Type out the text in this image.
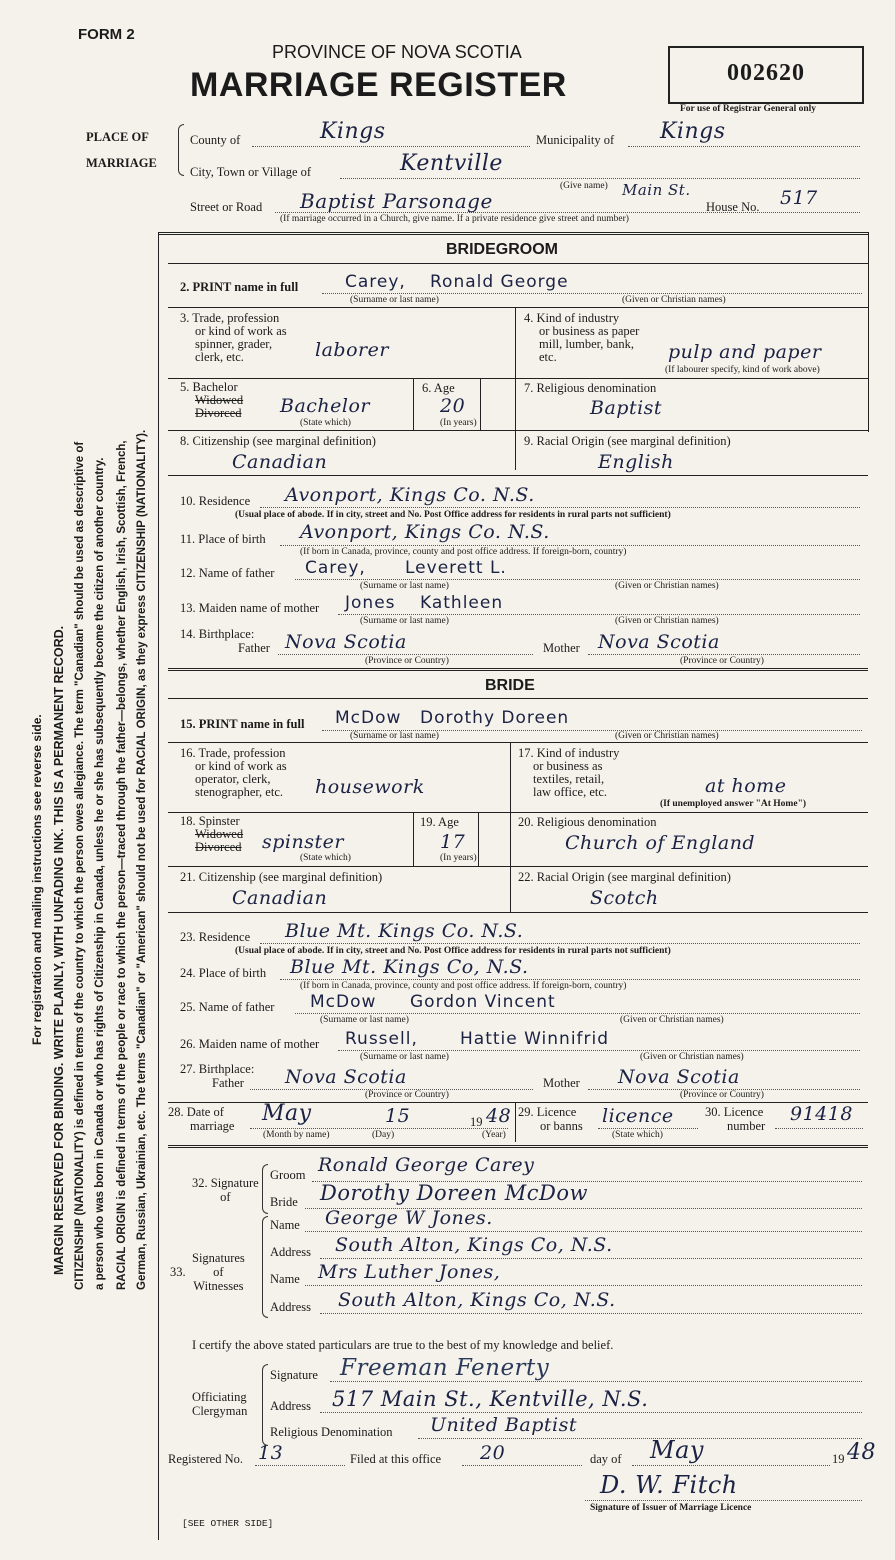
FORM 2
PROVINCE OF NOVA SCOTIA
MARRIAGE REGISTER	002620
For use of Registrar General only
For registration and mailing instructions see reverse side. MARGIN RESERVED FOR BINDING. WRITE PLAINLY, WITH UNFADING INK. THIS IS A PERMANENT RECORD. CITIZENSHIP (NATIONALITY) is defined in terms of the country to which the person owes allegiance. The term "Canadian" should be used as descriptive of a person who was born in Canada or who has rights of Citizenship in Canada, unless he or she has subsequently become the citizen of another country. RACIAL ORIGIN is defined in terms of the people or race to which the person—traced through the father—belongs, whether English, Irish, Scottish, French, German, Russian, Ukrainian, etc. The terms "Canadian" or "American" should not be used for RACIAL ORIGIN, as they express CITIZENSHIP (NATIONALITY).
PLACE OF
MARRIAGE
County of	Kings	Municipality of Kings
City, Town or Village of	Kentville
(Give name)
Street or Road Baptist Parsonage	Main St.
House No. 517
(If marriage occurred in a Church, give name. If a private residence give street and number)
BRIDEGROOM
2. PRINT name in full	Carey, Ronald George
(Surname or last name)	(Given or Christian names)
3. Trade, profession
or kind of work as
spinner, grader,
clerk, etc.	laborer
4. Kind of industry
or business as paper
mill, lumber, bank,
etc.	pulp and paper
(If labourer specify, kind of work above)
5. Bachelor
Widowed
Divorced Bachelor
(State which)
6. Age
20
(In years)
7. Religious denomination
Baptist
8. Citizenship (see marginal definition)
Canadian
9. Racial Origin (see marginal definition)
English
10. Residence Avonport, Kings Co. N.S.
(Usual place of abode. If in city, street and No. Post Office address for residents in rural parts not sufficient)
11. Place of birth Avonport, Kings Co. N.S.
(If born in Canada, province, county and post office address. If foreign-born, country)
12. Name of father Carey, Leverett L.
(Surname or last name)	(Given or Christian names)
13. Maiden name of mother Jones Kathleen
(Surname or last name)	(Given or Christian names)
14. Birthplace:
Father Nova Scotia
(Province or Country)
Mother Nova Scotia
(Province or Country)
BRIDE
15. PRINT name in full McDow Dorothy Doreen
(Surname or last name)	(Given or Christian names)
16. Trade, profession
or kind of work as
operator, clerk,
stenographer, etc. housework
17. Kind of industry
or business as
textiles, retail,
law office, etc.	at home
(If unemployed answer "At Home")
18. Spinster
Widowed
Divorced spinster
(State which)
19. Age
17
(In years)
20. Religious denomination
Church of England
21. Citizenship (see marginal definition)
Canadian
22. Racial Origin (see marginal definition)
Scotch
23. Residence Blue Mt. Kings Co. N.S.
(Usual place of abode. If in city, street and No. Post Office address for residents in rural parts not sufficient)
24. Place of birth Blue Mt. Kings Co, N.S.
(If born in Canada, province, county and post office address. If foreign-born, country)
25. Name of father McDow Gordon Vincent
(Surname or last name)	(Given or Christian names)
26. Maiden name of mother Russell, Hattie Winnifrid
(Surname or last name)	(Given or Christian names)
27. Birthplace:
Father Nova Scotia
(Province or Country)
Mother Nova Scotia
(Province or Country)
28. Date of
marriage May	15	19 48
(Month by name)	(Day)	(Year)
29. Licence
or banns licence
(State which)
30. Licence
number
91418
32. Signature
of
Groom Ronald George Carey
Bride Dorothy Doreen McDow
33.
Signatures
of
Witnesses
Name George W Jones.
Address South Alton, Kings Co, N.S.
Name Mrs Luther Jones,
Address South Alton, Kings Co, N.S.
I certify the above stated particulars are true to the best of my knowledge and belief.
Officiating
Clergyman
Signature Freeman Fenerty
Address 517 Main St., Kentville, N.S.
Religious Denomination United Baptist
Registered No. 13	Filed at this office 20	day of May	19 48
D. W. Fitch
Signature of Issuer of Marriage Licence
[SEE OTHER SIDE]
